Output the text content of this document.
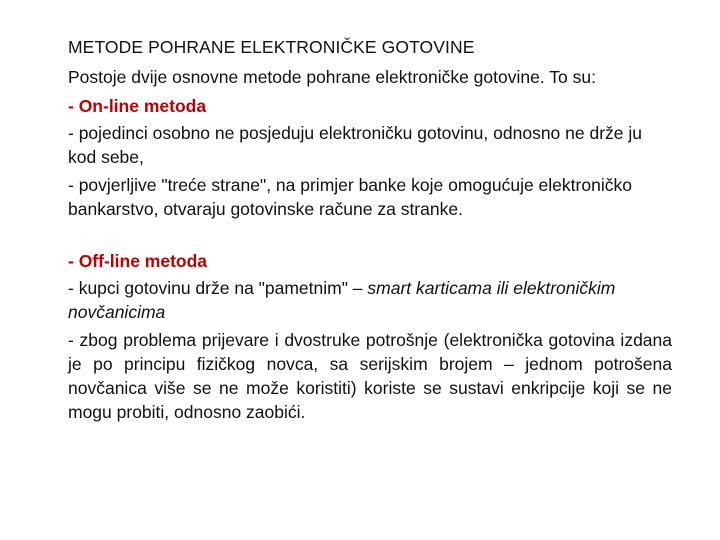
METODE POHRANE ELEKTRONIČKE GOTOVINE
Postoje dvije osnovne metode pohrane elektroničke gotovine. To su:
- On-line metoda
- pojedinci osobno ne posjeduju elektroničku gotovinu, odnosno ne drže ju kod sebe,
- povjerljive "treće strane", na primjer banke koje omogućuje elektroničko bankarstvo, otvaraju gotovinske račune za stranke.
- Off-line metoda
- kupci gotovinu drže na "pametnim" – smart karticama ili elektroničkim novčanicima
- zbog problema prijevare i dvostruke potrošnje (elektronička gotovina izdana je po principu fizičkog novca, sa serijskim brojem – jednom potrošena novčanica više se ne može koristiti) koriste se sustavi enkripcije koji se ne mogu probiti, odnosno zaobići.
